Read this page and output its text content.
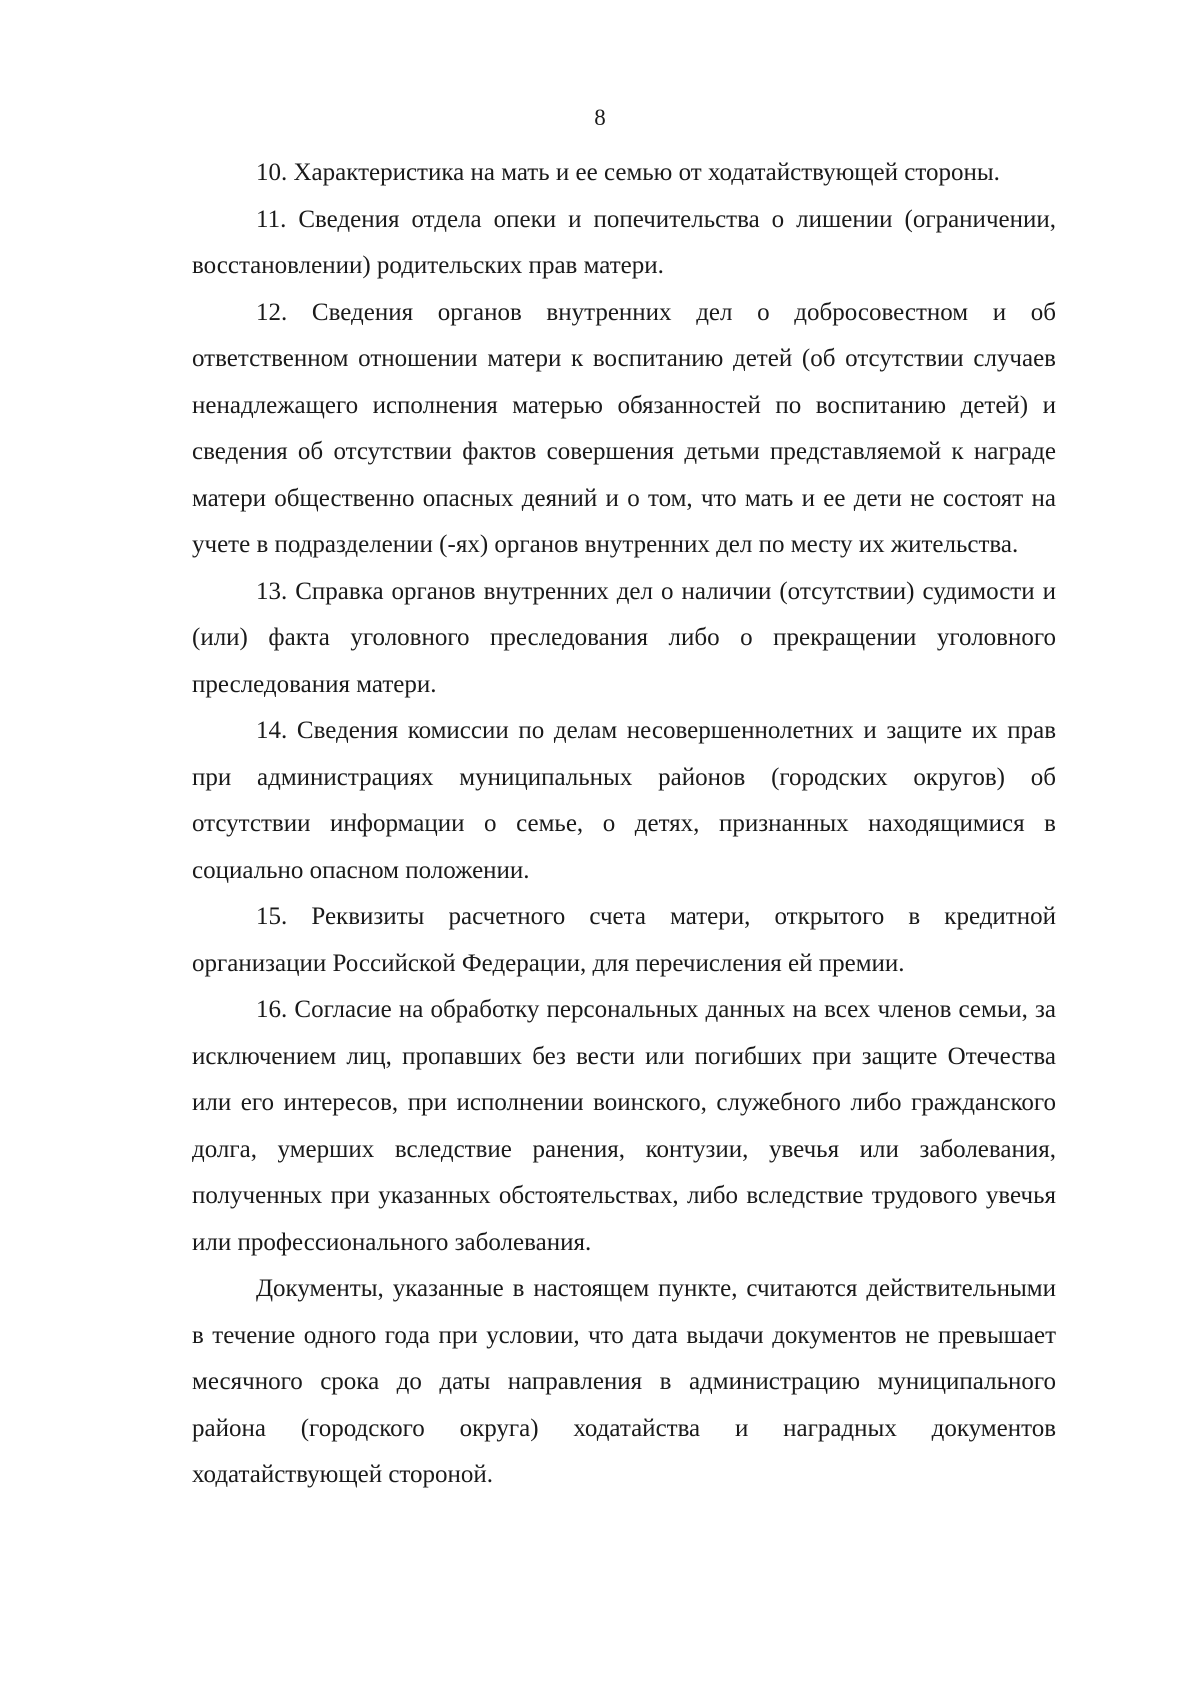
8

10. Характеристика на мать и ее семью от ходатайствующей стороны.

11. Сведения отдела опеки и попечительства о лишении (ограничении, восстановлении) родительских прав матери.

12. Сведения органов внутренних дел о добросовестном и об ответственном отношении матери к воспитанию детей (об отсутствии случаев ненадлежащего исполнения матерью обязанностей по воспитанию детей) и сведения об отсутствии фактов совершения детьми представляемой к награде матери общественно опасных деяний и о том, что мать и ее дети не состоят на учете в подразделении (-ях) органов внутренних дел по месту их жительства.

13. Справка органов внутренних дел о наличии (отсутствии) судимости и (или) факта уголовного преследования либо о прекращении уголовного преследования матери.

14. Сведения комиссии по делам несовершеннолетних и защите их прав при администрациях муниципальных районов (городских округов) об отсутствии информации о семье, о детях, признанных находящимися в социально опасном положении.

15. Реквизиты расчетного счета матери, открытого в кредитной организации Российской Федерации, для перечисления ей премии.

16. Согласие на обработку персональных данных на всех членов семьи, за исключением лиц, пропавших без вести или погибших при защите Отечества или его интересов, при исполнении воинского, служебного либо гражданского долга, умерших вследствие ранения, контузии, увечья или заболевания, полученных при указанных обстоятельствах, либо вследствие трудового увечья или профессионального заболевания.

Документы, указанные в настоящем пункте, считаются действительными в течение одного года при условии, что дата выдачи документов не превышает месячного срока до даты направления в администрацию муниципального района (городского округа) ходатайства и наградных документов ходатайствующей стороной.
